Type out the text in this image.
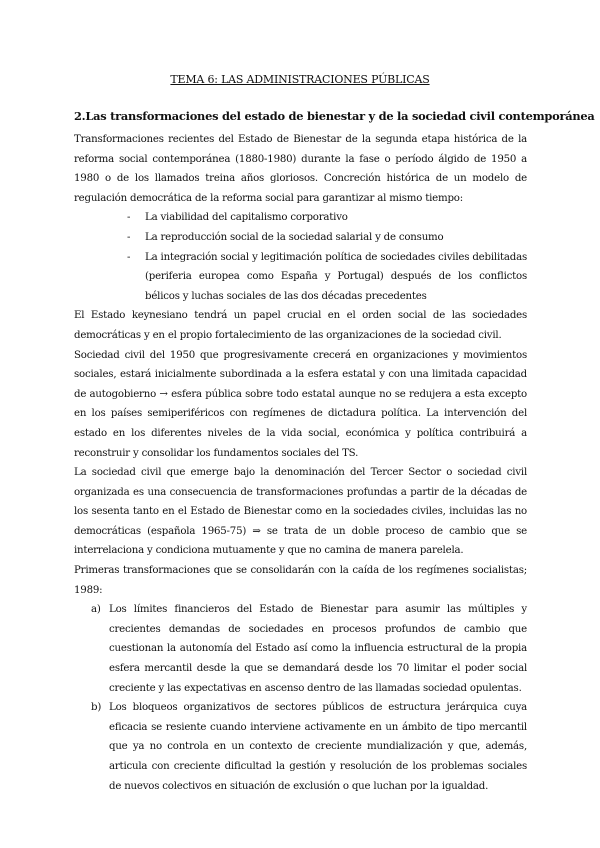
TEMA 6: LAS ADMINISTRACIONES PÚBLICAS
2.Las transformaciones del estado de bienestar y de la sociedad civil contemporánea

Transformaciones recientes del Estado de Bienestar de la segunda etapa histórica de la reforma social contemporánea (1880-1980) durante la fase o período álgido de 1950 a 1980 o de los llamados treina años gloriosos. Concreción histórica de un modelo de regulación democrática de la reforma social para garantizar al mismo tiempo:

- La viabilidad del capitalismo corporativo
- La reproducción social de la sociedad salarial y de consumo
- La integración social y legitimación política de sociedades civiles debilitadas (periferia europea como España y Portugal) después de los conflictos bélicos y luchas sociales de las dos décadas precedentes

El Estado keynesiano tendrá un papel crucial en el orden social de las sociedades democráticas y en el propio fortalecimiento de las organizaciones de la sociedad civil.

Sociedad civil del 1950 que progresivamente crecerá en organizaciones y movimientos sociales, estará inicialmente subordinada a la esfera estatal y con una limitada capacidad de autogobierno → esfera pública sobre todo estatal aunque no se redujera a esta excepto en los países semiperiféricos con regímenes de dictadura política. La intervención del estado en los diferentes niveles de la vida social, económica y política contribuirá a reconstruir y consolidar los fundamentos sociales del TS.

La sociedad civil que emerge bajo la denominación del Tercer Sector o sociedad civil organizada es una consecuencia de transformaciones profundas a partir de la décadas de los sesenta tanto en el Estado de Bienestar como en la sociedades civiles, incluidas las no democráticas (española 1965-75) ⇒ se trata de un doble proceso de cambio que se interrelaciona y condiciona mutuamente y que no camina de manera parelela.

Primeras transformaciones que se consolidarán con la caída de los regímenes socialistas; 1989:

a) Los límites financieros del Estado de Bienestar para asumir las múltiples y crecientes demandas de sociedades en procesos profundos de cambio que cuestionan la autonomía del Estado así como la influencia estructural de la propia esfera mercantil desde la que se demandará desde los 70 limitar el poder social creciente y las expectativas en ascenso dentro de las llamadas sociedad opulentas.
b) Los bloqueos organizativos de sectores públicos de estructura jerárquica cuya eficacia se resiente cuando interviene activamente en un ámbito de tipo mercantil que ya no controla en un contexto de creciente mundialización y que, además, articula con creciente dificultad la gestión y resolución de los problemas sociales de nuevos colectivos en situación de exclusión o que luchan por la igualdad.
